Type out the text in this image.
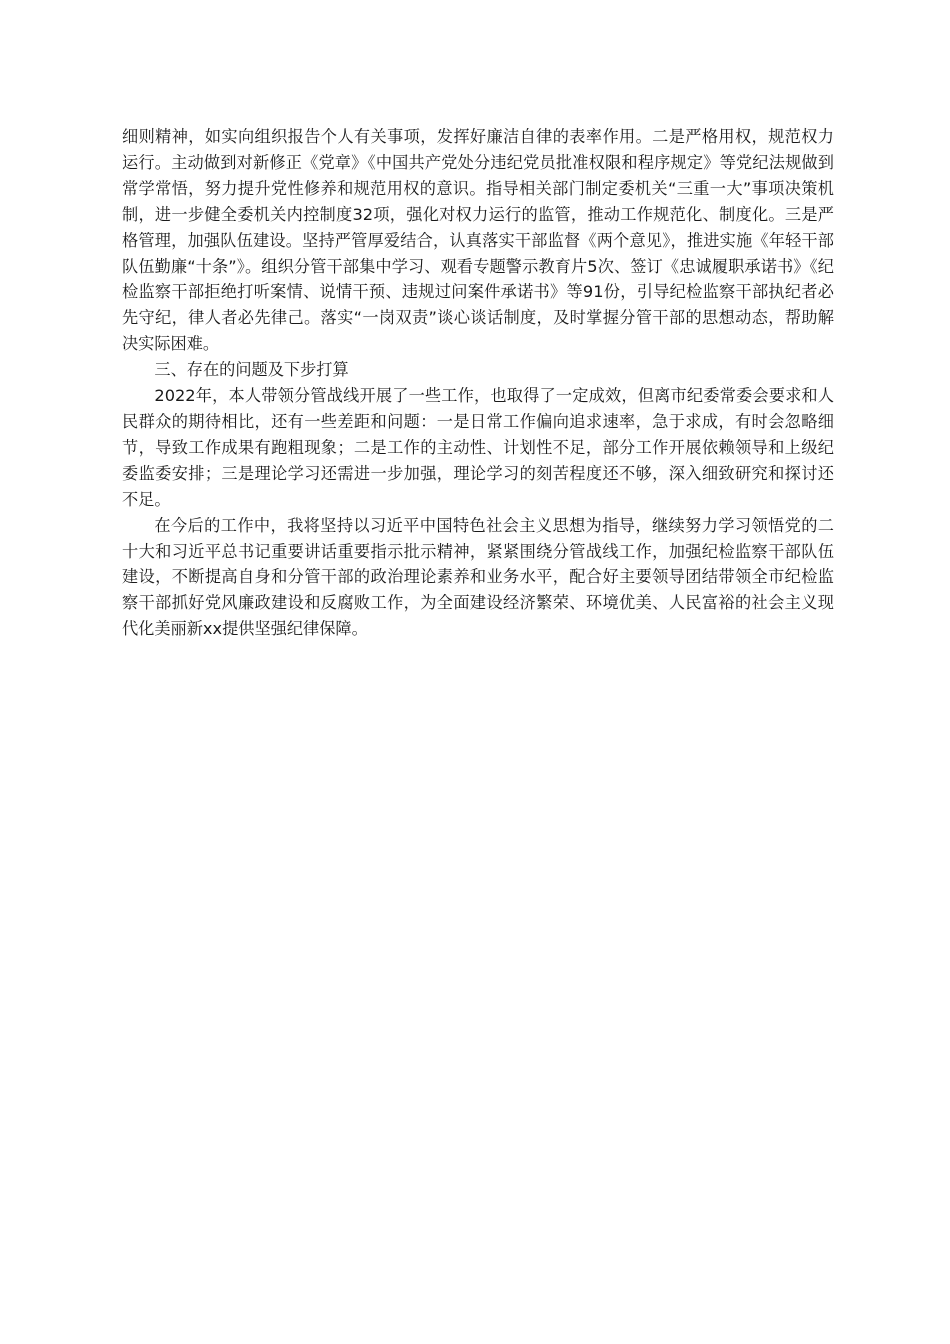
细则精神，如实向组织报告个人有关事项，发挥好廉洁自律的表率作用。二是严格用权，规范权力运行。主动做到对新修正《党章》《中国共产党处分违纪党员批准权限和程序规定》等党纪法规做到常学常悟，努力提升党性修养和规范用权的意识。指导相关部门制定委机关“三重一大”事项决策机制，进一步健全委机关内控制度32项，强化对权力运行的监管，推动工作规范化、制度化。三是严格管理，加强队伍建设。坚持严管厚爱结合，认真落实干部监督《两个意见》，推进实施《年轻干部队伍勤廉“十条”》。组织分管干部集中学习、观看专题警示教育片5次、签订《忠诚履职承诺书》《纪检监察干部拒绝打听案情、说情干预、违规过问案件承诺书》等91份，引导纪检监察干部执纪者必先守纪，律人者必先律己。落实“一岗双责”谈心谈话制度，及时掌握分管干部的思想动态，帮助解决实际困难。

三、存在的问题及下步打算

2022年，本人带领分管战线开展了一些工作，也取得了一定成效，但离市纪委常委会要求和人民群众的期待相比，还有一些差距和问题：一是日常工作偏向追求速率，急于求成，有时会忽略细节，导致工作成果有跑粗现象；二是工作的主动性、计划性不足，部分工作开展依赖领导和上级纪委监委安排；三是理论学习还需进一步加强，理论学习的刻苦程度还不够，深入细致研究和探讨还不足。

在今后的工作中，我将坚持以习近平中国特色社会主义思想为指导，继续努力学习领悟党的二十大和习近平总书记重要讲话重要指示批示精神，紧紧围绕分管战线工作，加强纪检监察干部队伍建设，不断提高自身和分管干部的政治理论素养和业务水平，配合好主要领导团结带领全市纪检监察干部抓好党风廉政建设和反腐败工作，为全面建设经济繁荣、环境优美、人民富裕的社会主义现代化美丽新xx提供坚强纪律保障。
